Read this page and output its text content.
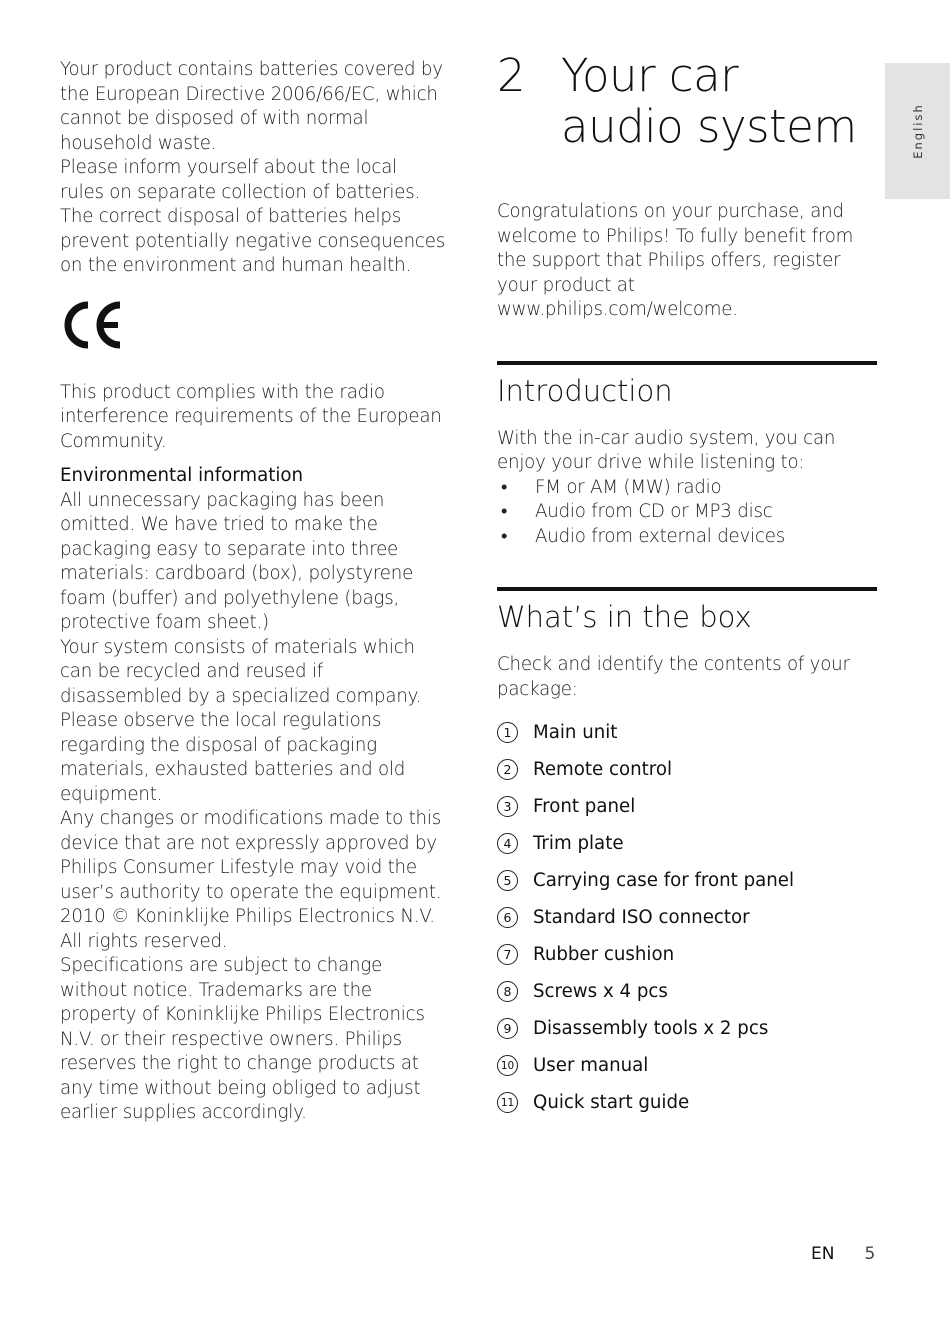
Your product contains batteries covered by the European Directive 2006/66/EC, which cannot be disposed of with normal household waste.
Please inform yourself about the local rules on separate collection of batteries. The correct disposal of batteries helps prevent potentially negative consequences on the environment and human health.

This product complies with the radio interference requirements of the European Community.

Environmental information

All unnecessary packaging has been omitted. We have tried to make the packaging easy to separate into three materials: cardboard (box), polystyrene foam (buffer) and polyethylene (bags, protective foam sheet.)
Your system consists of materials which can be recycled and reused if disassembled by a specialized company. Please observe the local regulations regarding the disposal of packaging materials, exhausted batteries and old equipment.
Any changes or modifications made to this device that are not expressly approved by Philips Consumer Lifestyle may void the user’s authority to operate the equipment.
2010 © Koninklijke Philips Electronics N.V.
All rights reserved.
Specifications are subject to change without notice. Trademarks are the property of Koninklijke Philips Electronics N.V. or their respective owners. Philips reserves the right to change products at any time without being obliged to adjust earlier supplies accordingly.

2 Your car audio system

Congratulations on your purchase, and welcome to Philips! To fully benefit from the support that Philips offers, register your product at www.philips.com/welcome.

Introduction

With the in-car audio system, you can enjoy your drive while listening to:

•	FM or AM (MW) radio
•	Audio from CD or MP3 disc
•	Audio from external devices
What’s in the box

Check and identify the contents of your package:

1	Main unit
2	Remote control
3	Front panel
4	Trim plate
5	Carrying case for front panel
6	Standard ISO connector
7	Rubber cushion
8	Screws x 4 pcs
9	Disassembly tools x 2 pcs
10 User manual
11 Quick start guide
English
EN 5
